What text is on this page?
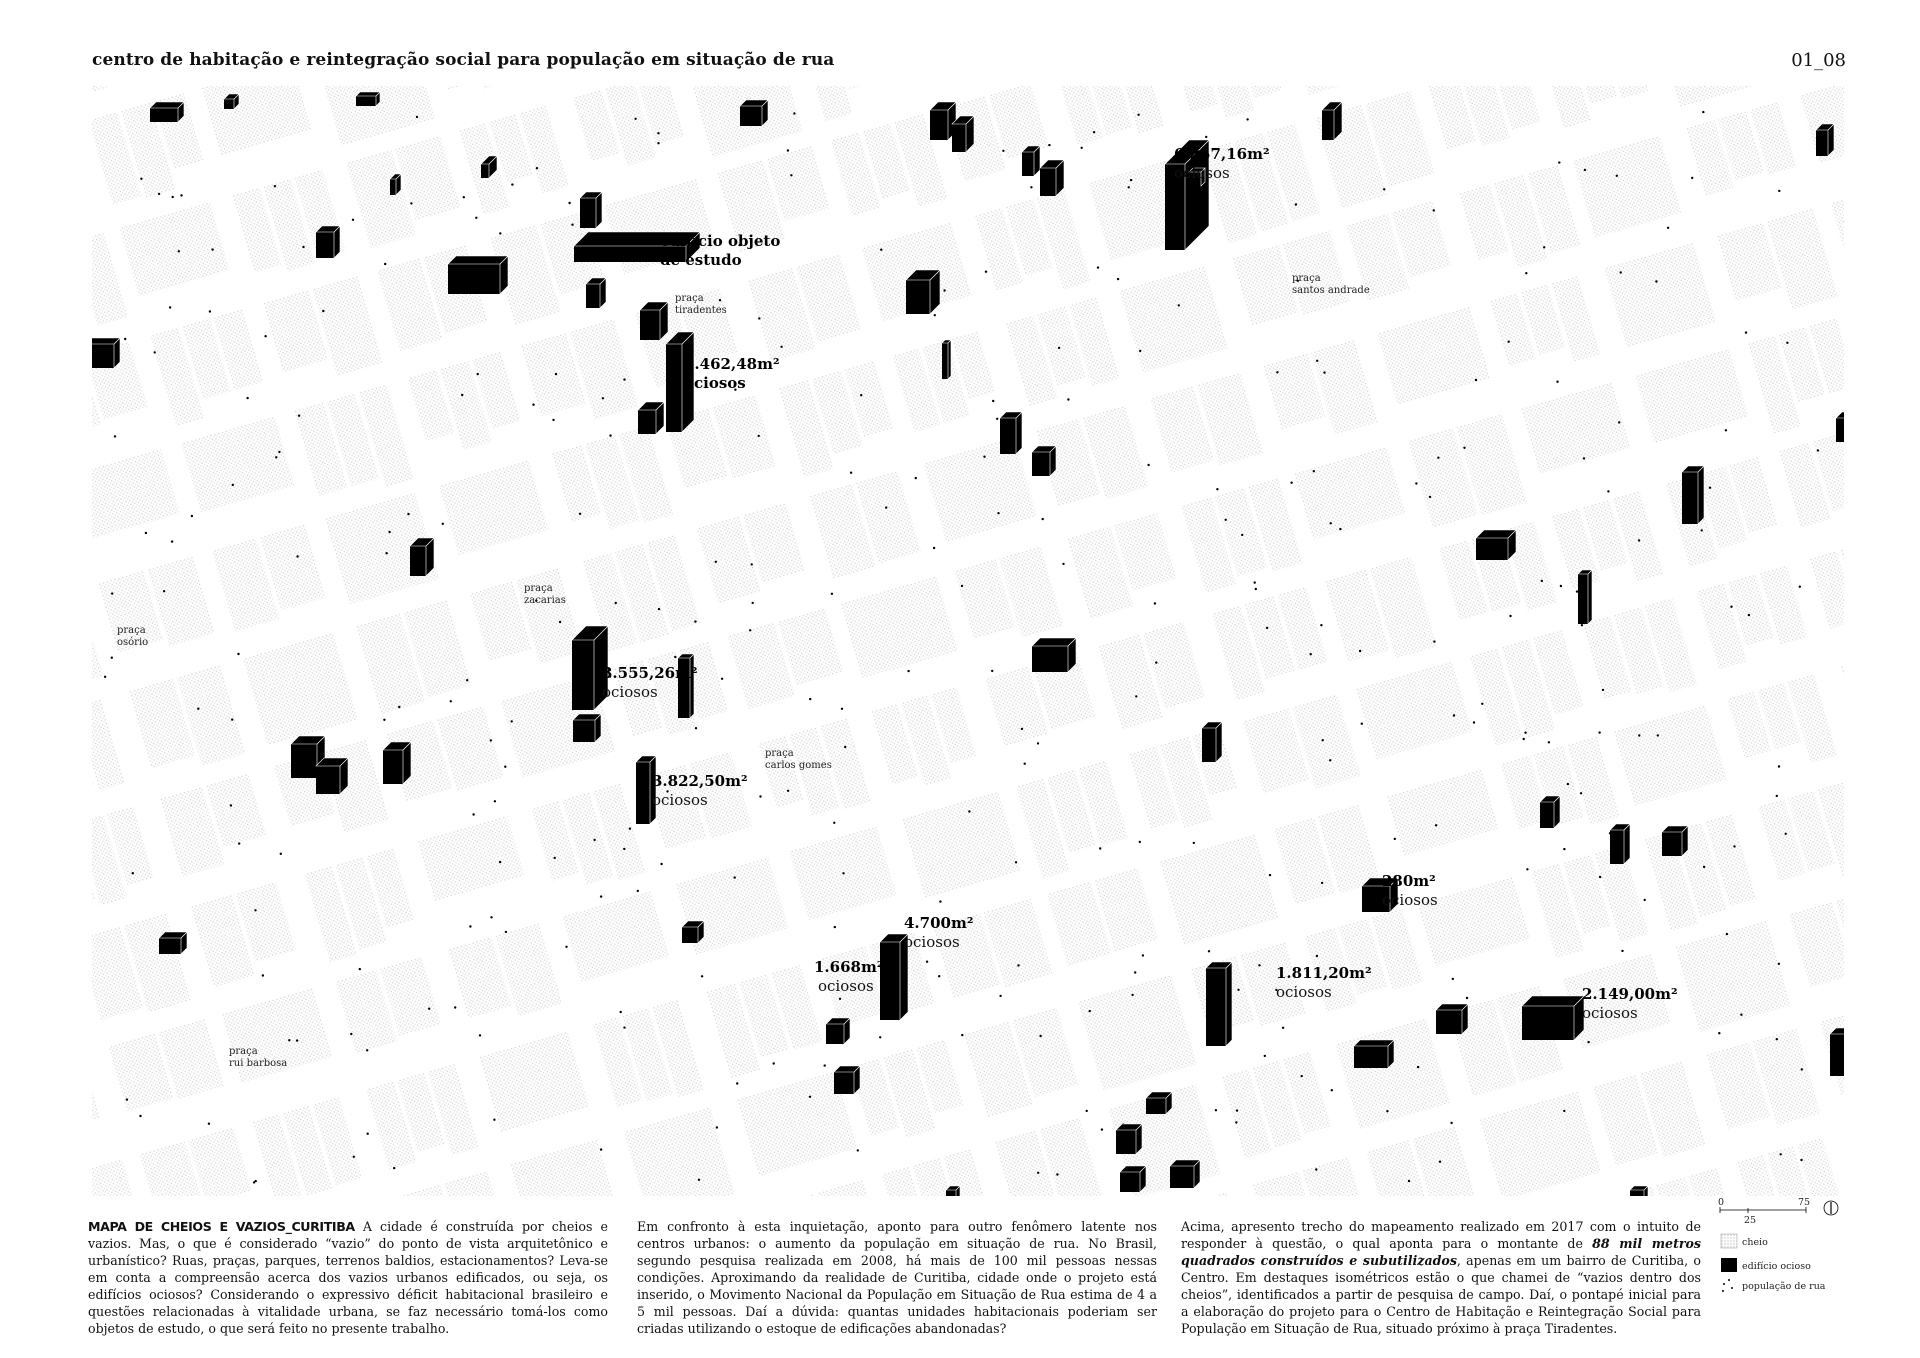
centro de habitação e reintegração social para população em situação de rua	01_08
praça tiradentes
praça santos andrade
praça zacarias
praça osório
praça carlos gomes
praça rui barbosa
edifício objeto de estudo
6.257,16m² ociosos
7.462,48m² ociosos
3.555,26m² ociosos
3.822,50m² ociosos
4.700m² ociosos
1.668m² ociosos
280m² ociosos
1.811,20m² ociosos	2.149,00m² ociosos
MAPA DE CHEIOS E VAZIOS_CURITIBA A cidade é construída por cheios e vazios. Mas, o que é considerado “vazio” do ponto de vista arquitetônico e urbanístico? Ruas, praças, parques, terrenos baldios, estacionamentos? Leva-se em conta a compreensão acerca dos vazios urbanos edificados, ou seja, os edifícios ociosos? Considerando o expressivo déficit habitacional brasileiro e questões relacionadas à vitalidade urbana, se faz necessário tomá-los como objetos de estudo, o que será feito no presente trabalho.
Em confronto à esta inquietação, aponto para outro fenômero latente nos centros urbanos: o aumento da população em situação de rua. No Brasil, segundo pesquisa realizada em 2008, há mais de 100 mil pessoas nessas condições. Aproximando da realidade de Curitiba, cidade onde o projeto está inserido, o Movimento Nacional da População em Situação de Rua estima de 4 a 5 mil pessoas. Daí a dúvida: quantas unidades habitacionais poderiam ser criadas utilizando o estoque de edificações abandonadas?
Acima, apresento trecho do mapeamento realizado em 2017 com o intuito de responder à questão, o qual aponta para o montante de 88 mil metros quadrados construídos e subutilizados, apenas em um bairro de Curitiba, o Centro. Em destaques isométricos estão o que chamei de “vazios dentro dos cheios”, identificados a partir de pesquisa de campo. Daí, o pontapé inicial para a elaboração do projeto para o Centro de Habitação e Reintegração Social para População em Situação de Rua, situado próximo à praça Tiradentes.
0
25
75
cheio
edifício ocioso
população de rua
